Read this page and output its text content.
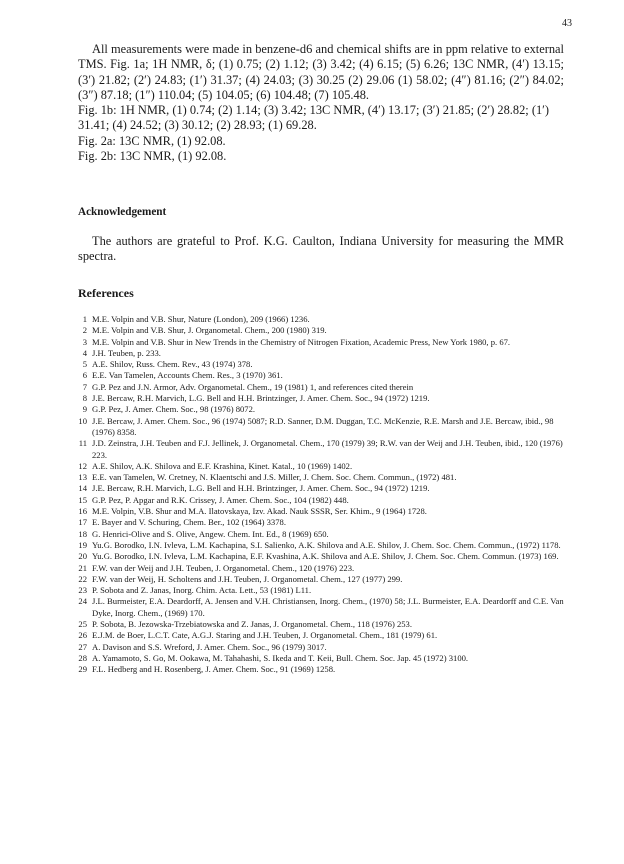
43
All measurements were made in benzene-d6 and chemical shifts are in ppm relative to external TMS. Fig. 1a; 1H NMR, δ; (1) 0.75; (2) 1.12; (3) 3.42; (4) 6.15; (5) 6.26; 13C NMR, (4′) 13.15; (3′) 21.82; (2′) 24.83; (1′) 31.37; (4) 24.03; (3) 30.25 (2) 29.06 (1) 58.02; (4″) 81.16; (2″) 84.02; (3″) 87.18; (1″) 110.04; (5) 104.05; (6) 104.48; (7) 105.48.
Fig. 1b: 1H NMR, (1) 0.74; (2) 1.14; (3) 3.42; 13C NMR, (4′) 13.17; (3′) 21.85; (2′) 28.82; (1′) 31.41; (4) 24.52; (3) 30.12; (2) 28.93; (1) 69.28.
Fig. 2a: 13C NMR, (1) 92.08.
Fig. 2b: 13C NMR, (1) 92.08.
Acknowledgement
The authors are grateful to Prof. K.G. Caulton, Indiana University for measuring the MMR spectra.
References
1 M.E. Volpin and V.B. Shur, Nature (London), 209 (1966) 1236.
2 M.E. Volpin and V.B. Shur, J. Organometal. Chem., 200 (1980) 319.
3 M.E. Volpin and V.B. Shur in New Trends in the Chemistry of Nitrogen Fixation, Academic Press, New York 1980, p. 67.
4 J.H. Teuben, p. 233.
5 A.E. Shilov, Russ. Chem. Rev., 43 (1974) 378.
6 E.E. Van Tamelen, Accounts Chem. Res., 3 (1970) 361.
7 G.P. Pez and J.N. Armor, Adv. Organometal. Chem., 19 (1981) 1, and references cited therein
8 J.E. Bercaw, R.H. Marvich, L.G. Bell and H.H. Brintzinger, J. Amer. Chem. Soc., 94 (1972) 1219.
9 G.P. Pez, J. Amer. Chem. Soc., 98 (1976) 8072.
10 J.E. Bercaw, J. Amer. Chem. Soc., 96 (1974) 5087; R.D. Sanner, D.M. Duggan, T.C. McKenzie, R.E. Marsh and J.E. Bercaw, ibid., 98 (1976) 8358.
11 J.D. Zeinstra, J.H. Teuben and F.J. Jellinek, J. Organometal. Chem., 170 (1979) 39; R.W. van der Weij and J.H. Teuben, ibid., 120 (1976) 223.
12 A.E. Shilov, A.K. Shilova and E.F. Krashina, Kinet. Katal., 10 (1969) 1402.
13 E.E. van Tamelen, W. Cretney, N. Klaentschi and J.S. Miller, J. Chem. Soc. Chem. Commun., (1972) 481.
14 J.E. Bercaw, R.H. Marvich, L.G. Bell and H.H. Brintzinger, J. Amer. Chem. Soc., 94 (1972) 1219.
15 G.P. Pez, P. Apgar and R.K. Crissey, J. Amer. Chem. Soc., 104 (1982) 448.
16 M.E. Volpin, V.B. Shur and M.A. Ilatovskaya, Izv. Akad. Nauk SSSR, Ser. Khim., 9 (1964) 1728.
17 E. Bayer and V. Schuring, Chem. Ber., 102 (1964) 3378.
18 G. Henrici-Olive and S. Olive, Angew. Chem. Int. Ed., 8 (1969) 650.
19 Yu.G. Borodko, I.N. Ivleva, L.M. Kachapina, S.I. Salienko, A.K. Shilova and A.E. Shilov, J. Chem. Soc. Chem. Commun., (1972) 1178.
20 Yu.G. Borodko, I.N. Ivleva, L.M. Kachapina, E.F. Kvashina, A.K. Shilova and A.E. Shilov, J. Chem. Soc. Chem. Commun. (1973) 169.
21 F.W. van der Weij and J.H. Teuben, J. Organometal. Chem., 120 (1976) 223.
22 F.W. van der Weij, H. Scholtens and J.H. Teuben, J. Organometal. Chem., 127 (1977) 299.
23 P. Sobota and Z. Janas, Inorg. Chim. Acta. Lett., 53 (1981) L11.
24 J.L. Burmeister, E.A. Deardorff, A. Jensen and V.H. Christiansen, Inorg. Chem., (1970) 58; J.L. Burmeister, E.A. Deardorff and C.E. Van Dyke, Inorg. Chem., (1969) 170.
25 P. Sobota, B. Jezowska-Trzebiatowska and Z. Janas, J. Organometal. Chem., 118 (1976) 253.
26 E.J.M. de Boer, L.C.T. Cate, A.G.J. Staring and J.H. Teuben, J. Organometal. Chem., 181 (1979) 61.
27 A. Davison and S.S. Wreford, J. Amer. Chem. Soc., 96 (1979) 3017.
28 A. Yamamoto, S. Go, M. Ookawa, M. Tahahashi, S. Ikeda and T. Keii, Bull. Chem. Soc. Jap. 45 (1972) 3100.
29 F.L. Hedberg and H. Rosenberg, J. Amer. Chem. Soc., 91 (1969) 1258.
